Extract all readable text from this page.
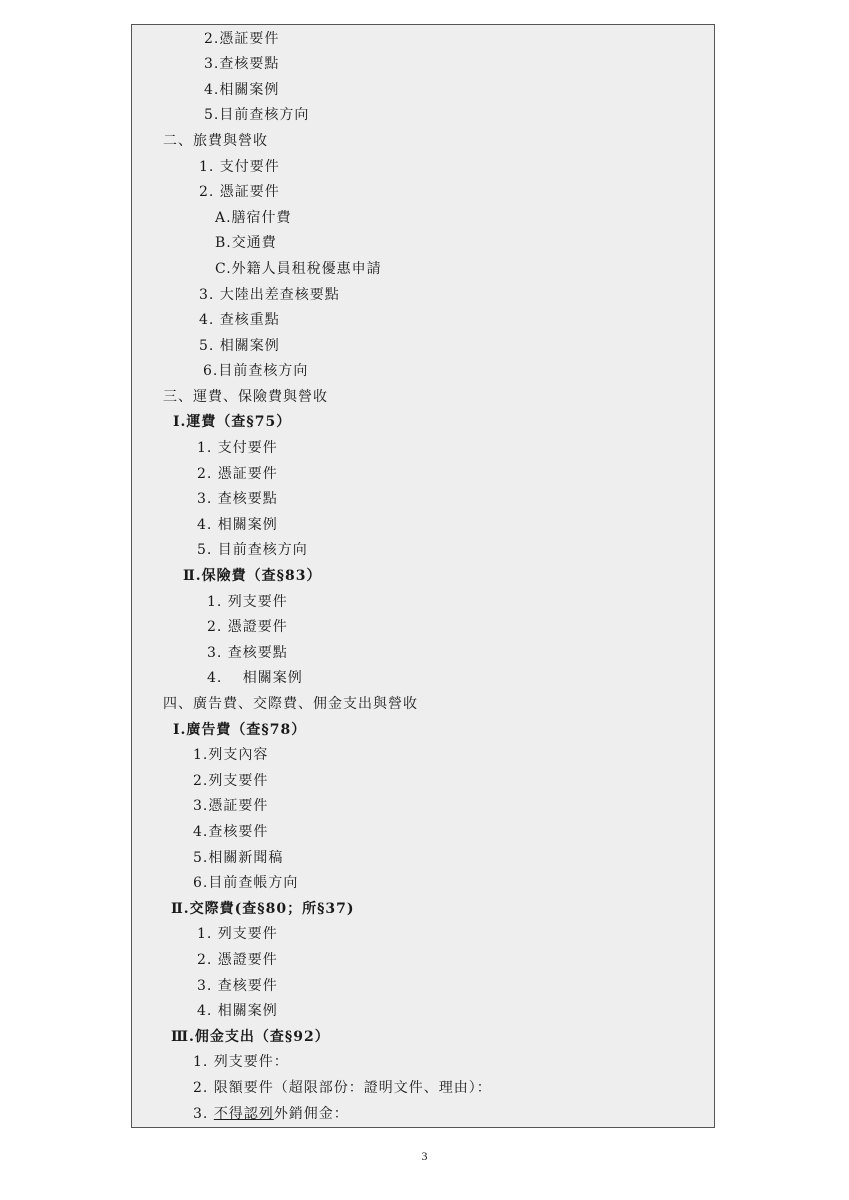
2.憑証要件
3.查核要點
4.相關案例
5.目前查核方向
二、旅費與營收
1. 支付要件
2. 憑証要件
A.膳宿什費
B.交通費
C.外籍人員租稅優惠申請
3. 大陸出差查核要點
4. 查核重點
5. 相關案例
6.目前查核方向
三、運費、保險費與營收
Ⅰ.運費（查§75）
1. 支付要件
2. 憑証要件
3. 查核要點
4. 相關案例
5. 目前查核方向
Ⅱ.保險費（查§83）
1. 列支要件
2. 憑證要件
3. 查核要點
4.　 相關案例
四、廣告費、交際費、佣金支出與營收
Ⅰ.廣告費（查§78）
1.列支內容
2.列支要件
3.憑証要件
4.查核要件
5.相關新聞稿
6.目前查帳方向
Ⅱ.交際費(查§80；所§37)
1. 列支要件
2. 憑證要件
3. 查核要件
4. 相關案例
Ⅲ.佣金支出（查§92）
1. 列支要件：
2. 限額要件（超限部份：證明文件、理由）：
3. 不得認列外銷佣金：
3
